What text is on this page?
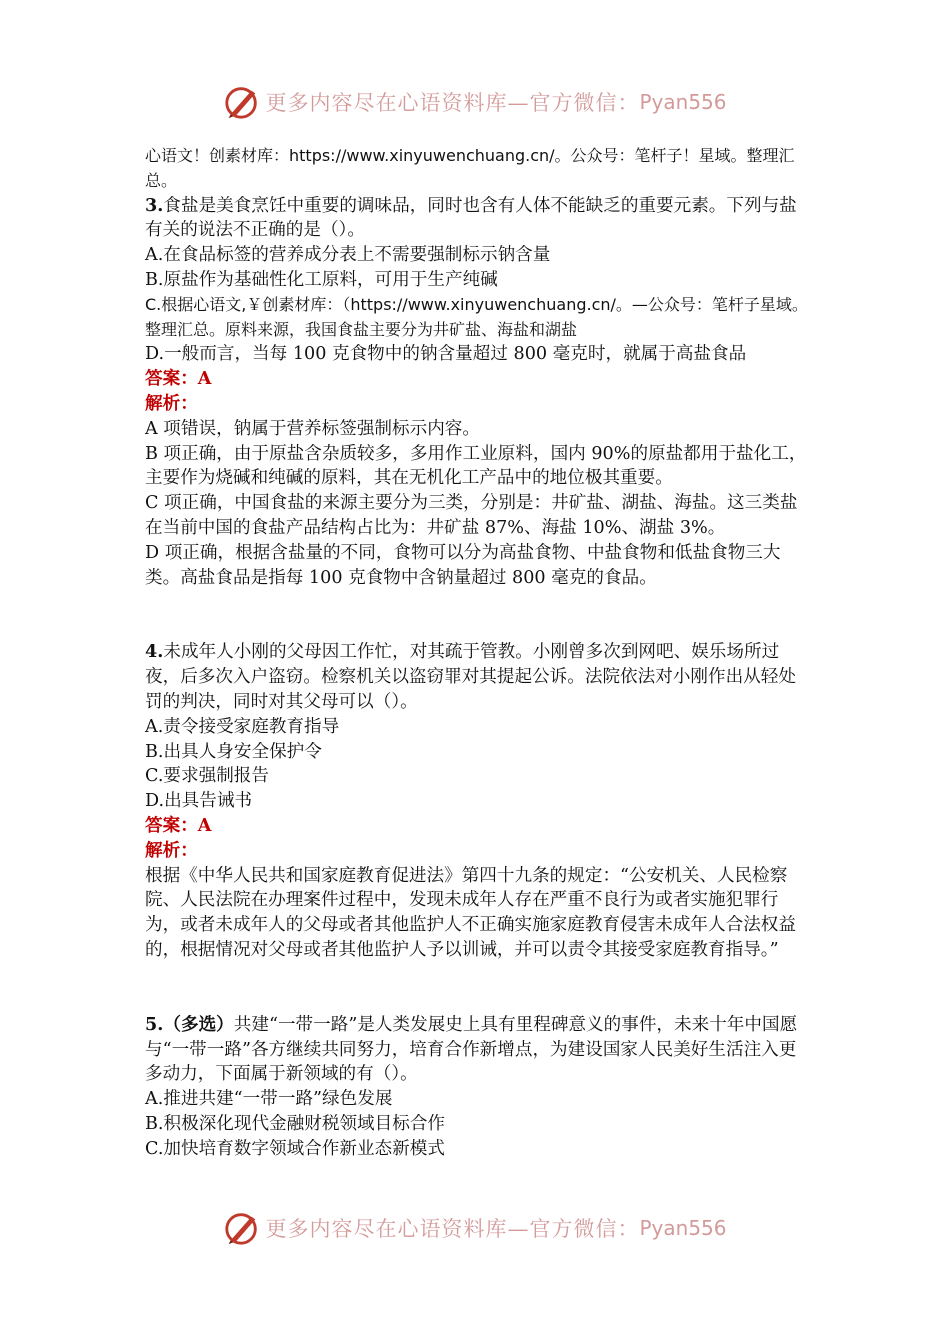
更多内容尽在心语资料库—官方微信： Pyan556

心语文！创素材库：https://www.xinyuwenchuang.cn/。公众号：笔杆子！星域。整理汇总。

3.食盐是美食烹饪中重要的调味品，同时也含有人体不能缺乏的重要元素。下列与盐有关的说法不正确的是（）。

A.在食品标签的营养成分表上不需要强制标示钠含量

B.原盐作为基础性化工原料，可用于生产纯碱

C.根据心语文,￥创素材库：（https://www.xinyuwenchuang.cn/。—公众号：笔杆子星域。整理汇总。原料来源，我国食盐主要分为井矿盐、海盐和湖盐

D.一般而言，当每 100 克食物中的钠含量超过 800 毫克时，就属于高盐食品

答案：A

解析：

A 项错误，钠属于营养标签强制标示内容。

B 项正确，由于原盐含杂质较多，多用作工业原料，国内 90%的原盐都用于盐化工，主要作为烧碱和纯碱的原料，其在无机化工产品中的地位极其重要。

C 项正确，中国食盐的来源主要分为三类，分别是：井矿盐、湖盐、海盐。这三类盐在当前中国的食盐产品结构占比为：井矿盐 87%、海盐 10%、湖盐 3%。

D 项正确，根据含盐量的不同，食物可以分为高盐食物、中盐食物和低盐食物三大类。高盐食品是指每 100 克食物中含钠量超过 800 毫克的食品。

4.未成年人小刚的父母因工作忙，对其疏于管教。小刚曾多次到网吧、娱乐场所过夜，后多次入户盗窃。检察机关以盗窃罪对其提起公诉。法院依法对小刚作出从轻处罚的判决，同时对其父母可以（）。

A.责令接受家庭教育指导

B.出具人身安全保护令

C.要求强制报告

D.出具告诫书

答案：A

解析：

根据《中华人民共和国家庭教育促进法》第四十九条的规定：“公安机关、人民检察院、人民法院在办理案件过程中，发现未成年人存在严重不良行为或者实施犯罪行为，或者未成年人的父母或者其他监护人不正确实施家庭教育侵害未成年人合法权益的，根据情况对父母或者其他监护人予以训诫，并可以责令其接受家庭教育指导。”

5.（多选）共建“一带一路”是人类发展史上具有里程碑意义的事件，未来十年中国愿与“一带一路”各方继续共同努力，培育合作新增点，为建设国家人民美好生活注入更多动力，下面属于新领域的有（）。

A.推进共建“一带一路”绿色发展

B.积极深化现代金融财税领域目标合作

C.加快培育数字领域合作新业态新模式

更多内容尽在心语资料库—官方微信： Pyan556
